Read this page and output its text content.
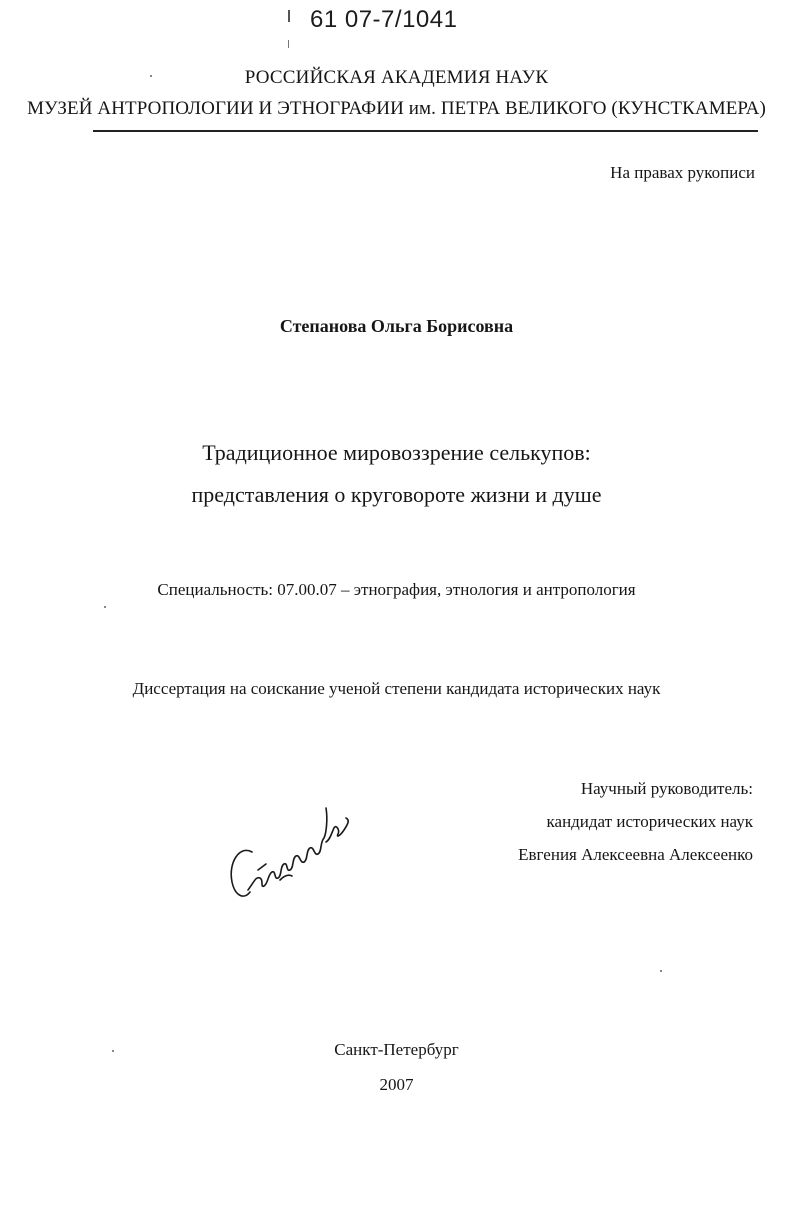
61 07-7/1041
РОССИЙСКАЯ АКАДЕМИЯ НАУК
МУЗЕЙ АНТРОПОЛОГИИ И ЭТНОГРАФИИ им. ПЕТРА ВЕЛИКОГО (КУНСТКАМЕРА)
На правах рукописи
Степанова Ольга Борисовна
Традиционное мировоззрение селькупов:
представления о круговороте жизни и душе
Специальность: 07.00.07 – этнография, этнология и антропология
Диссертация на соискание ученой степени кандидата исторических наук
Научный руководитель:
кандидат исторических наук
Евгения Алексеевна Алексеенко
Санкт-Петербург
2007
